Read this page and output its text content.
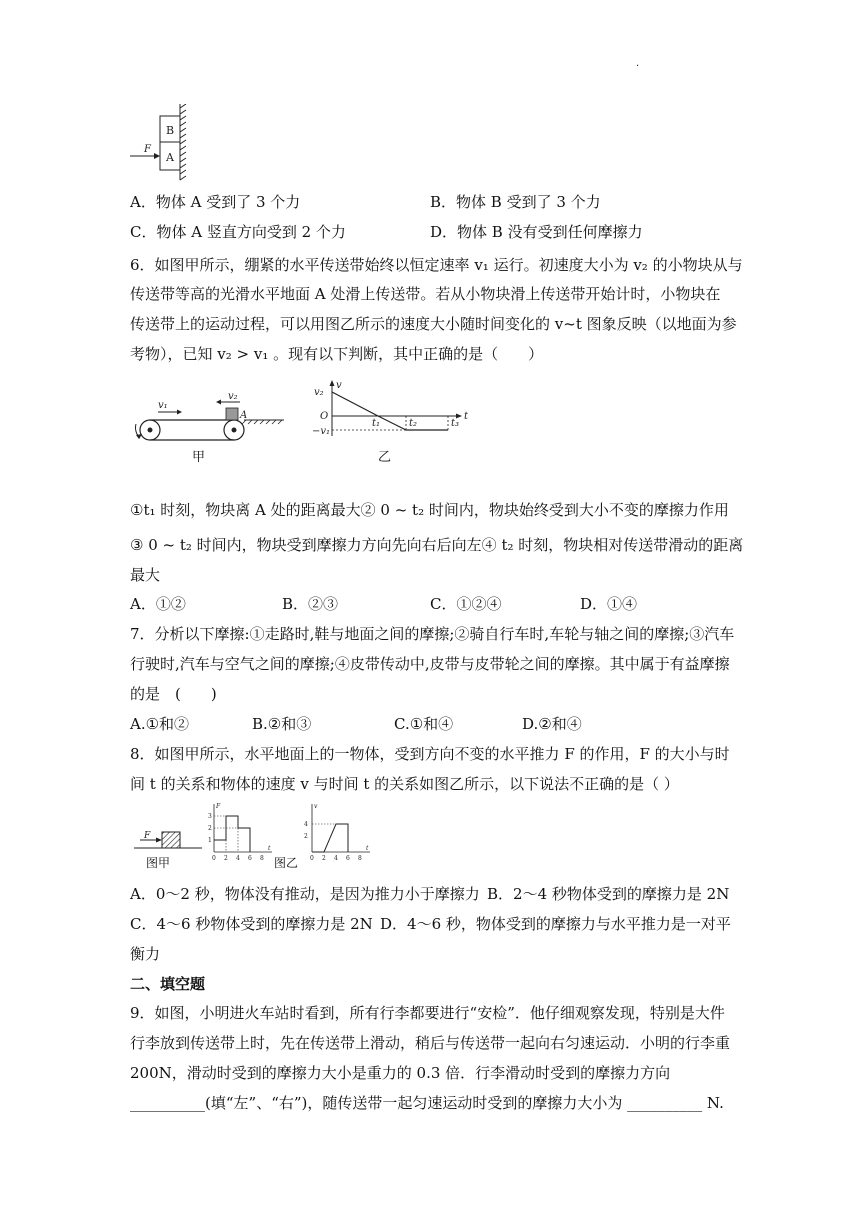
.
B
A
F
A．物体 A 受到了 3 个力	B．物体 B 受到了 3 个力
C．物体 A 竖直方向受到 2 个力	D．物体 B 没有受到任何摩擦力
6．如图甲所示，绷紧的水平传送带始终以恒定速率 v₁ 运行。初速度大小为 v₂ 的小物块从与
传送带等高的光滑水平地面 A 处滑上传送带。若从小物块滑上传送带开始计时，小物块在
传送带上的运动过程，可以用图乙所示的速度大小随时间变化的 v~t 图象反映（以地面为参
考物），已知 v₂ > v₁ 。现有以下判断，其中正确的是（　　）
v₁
v₂
A
甲
v
v₂
O
−v₁
t
t₁	t₂	t₃
乙
①t₁ 时刻，物块离 A 处的距离最大② 0 ~ t₂ 时间内，物块始终受到大小不变的摩擦力作用
③ 0 ~ t₂ 时间内，物块受到摩擦力方向先向右后向左④ t₂ 时刻，物块相对传送带滑动的距离
最大
A．①②	B．②③	C．①②④	D．①④
7．分析以下摩擦:①走路时,鞋与地面之间的摩擦;②骑自行车时,车轮与轴之间的摩擦;③汽车
行驶时,汽车与空气之间的摩擦;④皮带传动中,皮带与皮带轮之间的摩擦。其中属于有益摩擦
的是　(　　)
A.①和②	B.②和③	C.①和④	D.②和④
8．如图甲所示，水平地面上的一物体，受到方向不变的水平推力 F 的作用，F 的大小与时
间 t 的关系和物体的速度 v 与时间 t 的关系如图乙所示，以下说法不正确的是（ ）
F
图甲
F
3
2
1
0 2 4 6 8
t
v
4
2
0 2 4 6 8
t
图乙
A．0～2 秒，物体没有推动，是因为推力小于摩擦力 B．2～4 秒物体受到的摩擦力是 2N
C．4～6 秒物体受到的摩擦力是 2N D．4～6 秒，物体受到的摩擦力与水平推力是一对平
衡力
二、填空题
9．如图，小明进火车站时看到，所有行李都要进行“安检”．他仔细观察发现，特别是大件
行李放到传送带上时，先在传送带上滑动，稍后与传送带一起向右匀速运动．小明的行李重
200N，滑动时受到的摩擦力大小是重力的 0.3 倍．行李滑动时受到的摩擦力方向
__________(填“左”、“右”)，随传送带一起匀速运动时受到的摩擦力大小为 __________ N.
